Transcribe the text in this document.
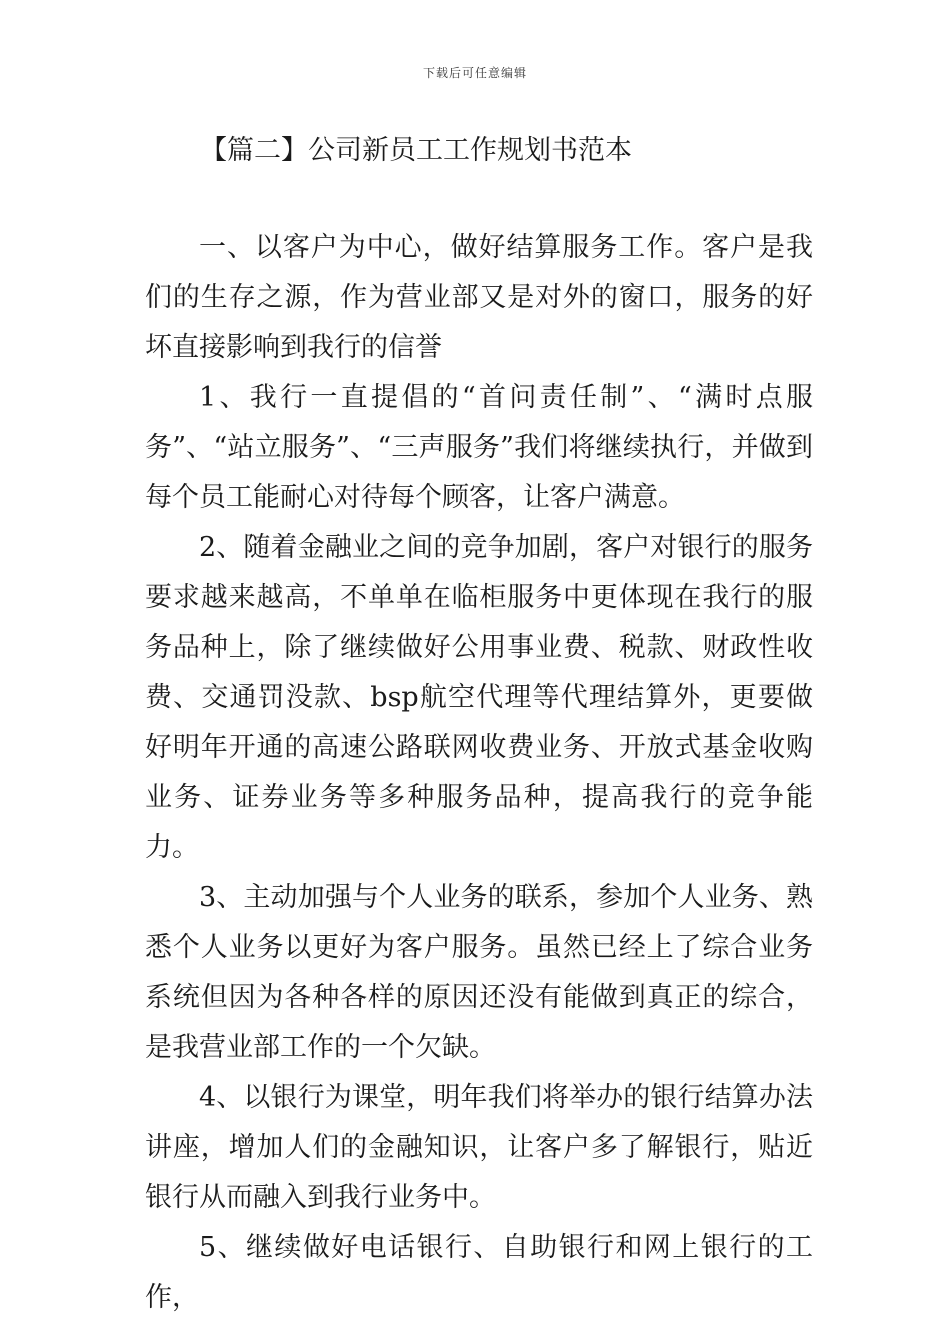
下载后可任意编辑
【篇二】公司新员工工作规划书范本

一、以客户为中心，做好结算服务工作。客户是我们的生存之源，作为营业部又是对外的窗口，服务的好坏直接影响到我行的信誉

1、我行一直提倡的“首问责任制”、“满时点服务”、“站立服务”、“三声服务”我们将继续执行，并做到每个员工能耐心对待每个顾客，让客户满意。

2、随着金融业之间的竞争加剧，客户对银行的服务要求越来越高，不单单在临柜服务中更体现在我行的服务品种上，除了继续做好公用事业费、税款、财政性收费、交通罚没款、bsp航空代理等代理结算外，更要做好明年开通的高速公路联网收费业务、开放式基金收购业务、证券业务等多种服务品种，提高我行的竞争能力。

3、主动加强与个人业务的联系，参加个人业务、熟悉个人业务以更好为客户服务。虽然已经上了综合业务系统但因为各种各样的原因还没有能做到真正的综合，是我营业部工作的一个欠缺。

4、以银行为课堂，明年我们将举办的银行结算办法讲座，增加人们的金融知识，让客户多了解银行，贴近银行从而融入到我行业务中。

5、继续做好电话银行、自助银行和网上银行的工作，
